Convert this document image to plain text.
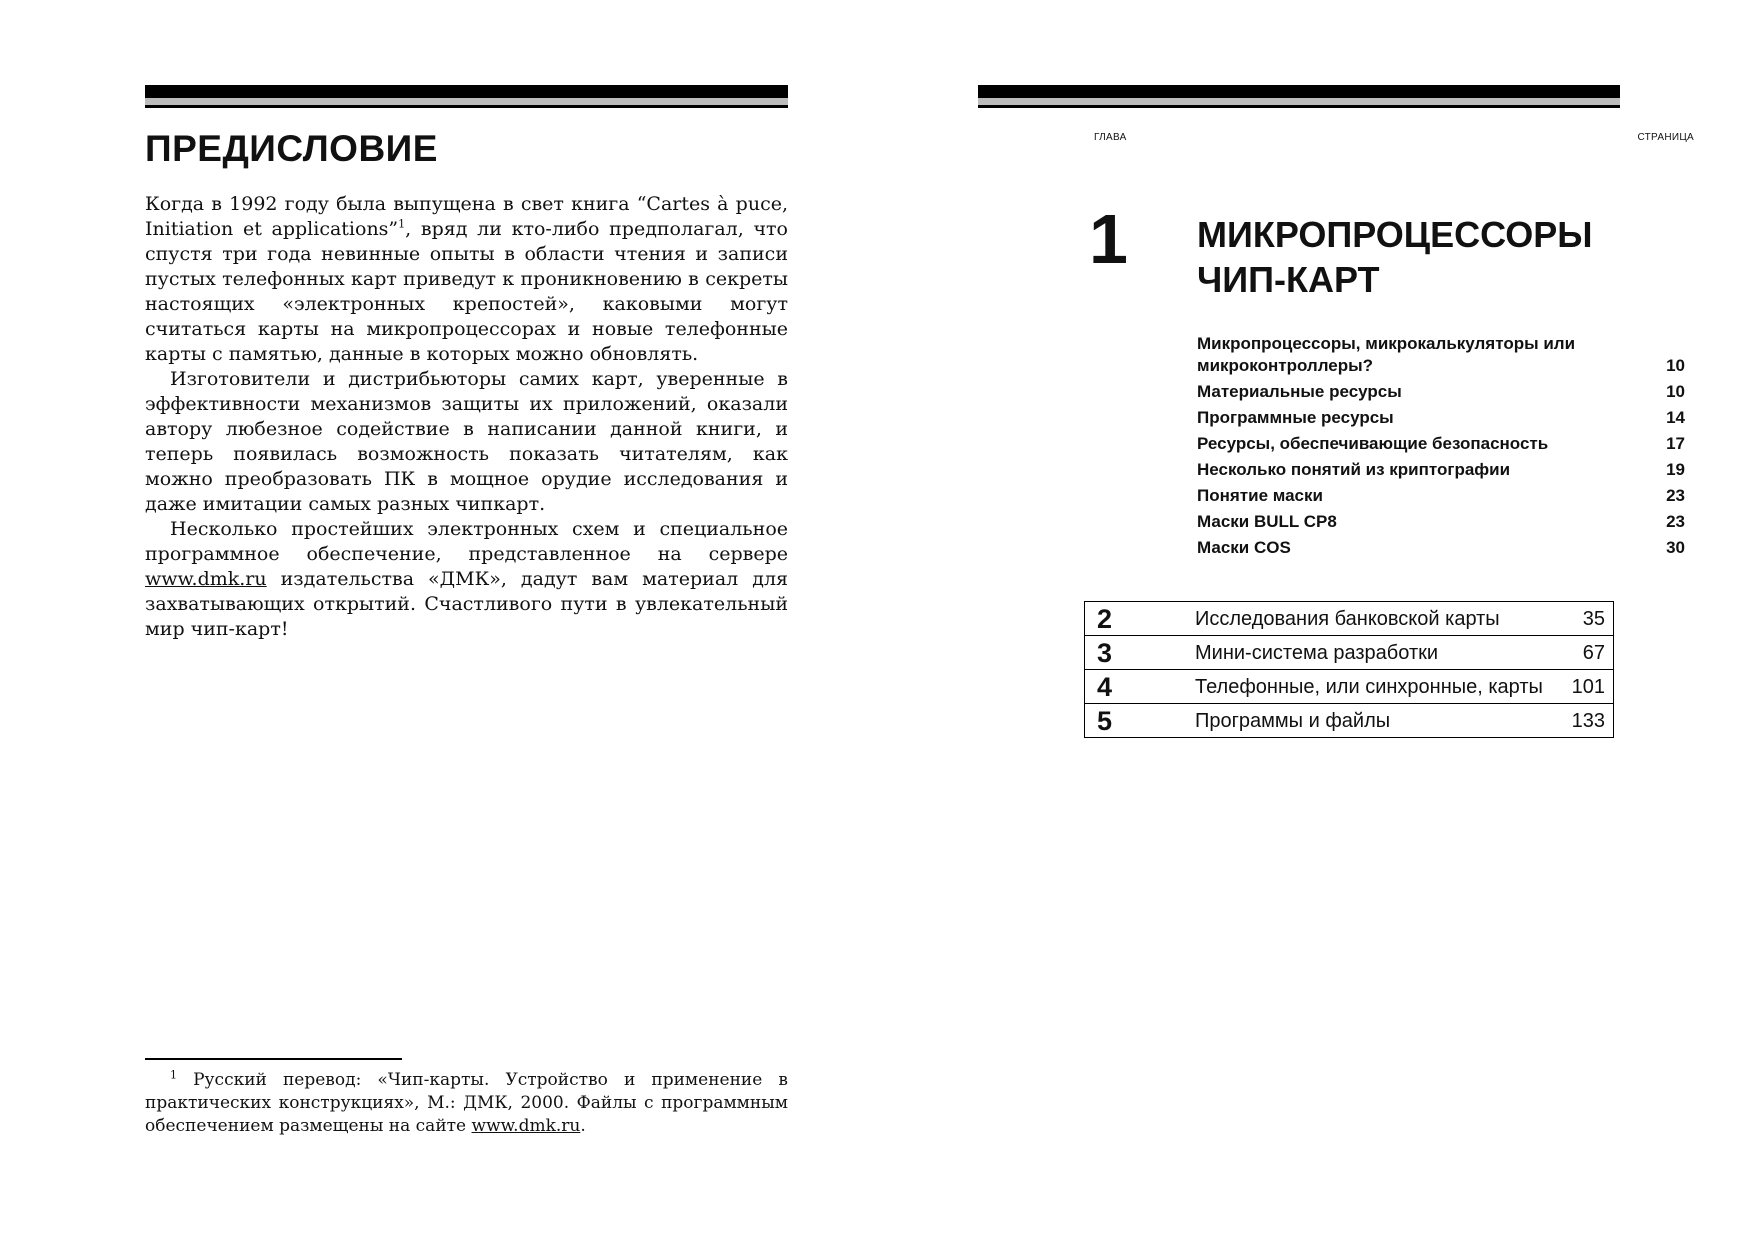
ПРЕДИСЛОВИЕ

Когда в 1992 году была выпущена в свет книга “Cartes à puce, Initiation et applications”$^1$, вряд ли кто-либо предполагал, что спустя три года невинные опыты в области чтения и записи пустых телефонных карт приведут к проникновению в секреты настоящих «электронных крепостей», каковыми могут считаться карты на микропроцессорах и новые телефонные карты с памятью, данные в которых можно обновлять.

Изготовители и дистрибьюторы самих карт, уверенные в эффективности механизмов защиты их приложений, оказали автору любезное содействие в написании данной книги, и теперь появилась возможность показать читателям, как можно преобразовать ПК в мощное орудие исследования и даже имитации самых разных чипкарт.

Несколько простейших электронных схем и специальное программное обеспечение, представленное на сервере www.dmk.ru издательства «ДМК», дадут вам материал для захватывающих открытий. Счастливого пути в увлекательный мир чип-карт!

$^1$ Русский перевод: «Чип-карты. Устройство и применение в практических конструкциях», М.: ДМК, 2000. Файлы с программным обеспечением размещены на сайте www.dmk.ru.

ГЛАВА	СТРАНИЦА
1 МИКРОПРОЦЕССОРЫ
ЧИП-КАРТ
Микропроцессоры, микрокалькуляторы или микроконтроллеры?	10
Материальные ресурсы	10
Программные ресурсы	14
Ресурсы, обеспечивающие безопасность	17
Несколько понятий из криптографии	19
Понятие маски	23
Маски BULL CP8	23
Маски COS	30
2	Исследования банковской карты	35
3	Мини-система разработки	67
4	Телефонные, или синхронные, карты 101
5	Программы и файлы	133
